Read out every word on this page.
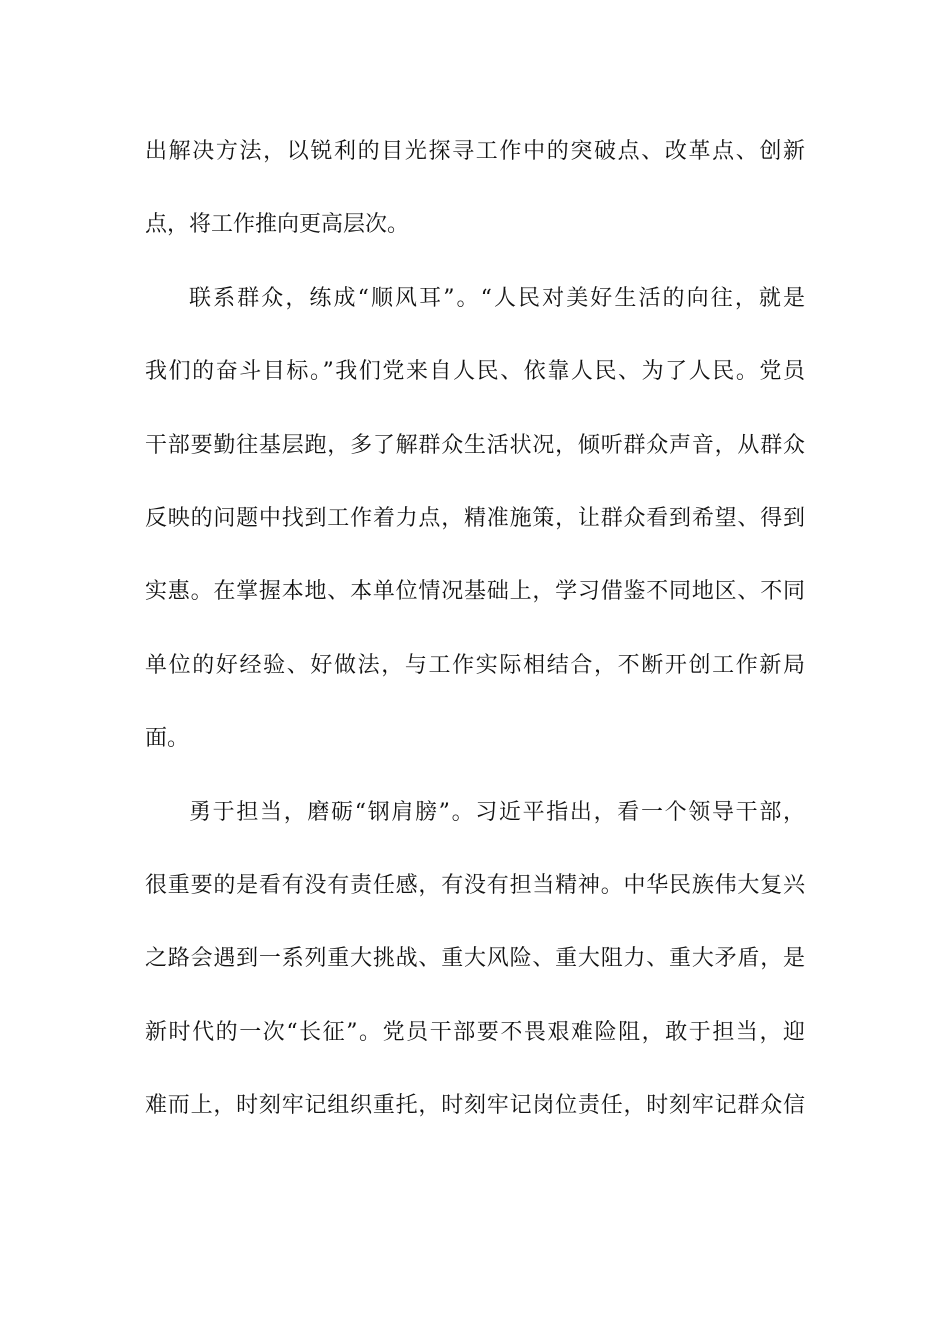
出解决方法，以锐利的目光探寻工作中的突破点、改革点、创新
点，将工作推向更高层次。
联系群众，练成“顺风耳”。“人民对美好生活的向往，就是
我们的奋斗目标。”我们党来自人民、依靠人民、为了人民。党员
干部要勤往基层跑，多了解群众生活状况，倾听群众声音，从群众
反映的问题中找到工作着力点，精准施策，让群众看到希望、得到
实惠。在掌握本地、本单位情况基础上，学习借鉴不同地区、不同
单位的好经验、好做法，与工作实际相结合，不断开创工作新局
面。
勇于担当，磨砺“钢肩膀”。习近平指出，看一个领导干部，
很重要的是看有没有责任感，有没有担当精神。中华民族伟大复兴
之路会遇到一系列重大挑战、重大风险、重大阻力、重大矛盾，是
新时代的一次“长征”。党员干部要不畏艰难险阻，敢于担当，迎
难而上，时刻牢记组织重托，时刻牢记岗位责任，时刻牢记群众信
